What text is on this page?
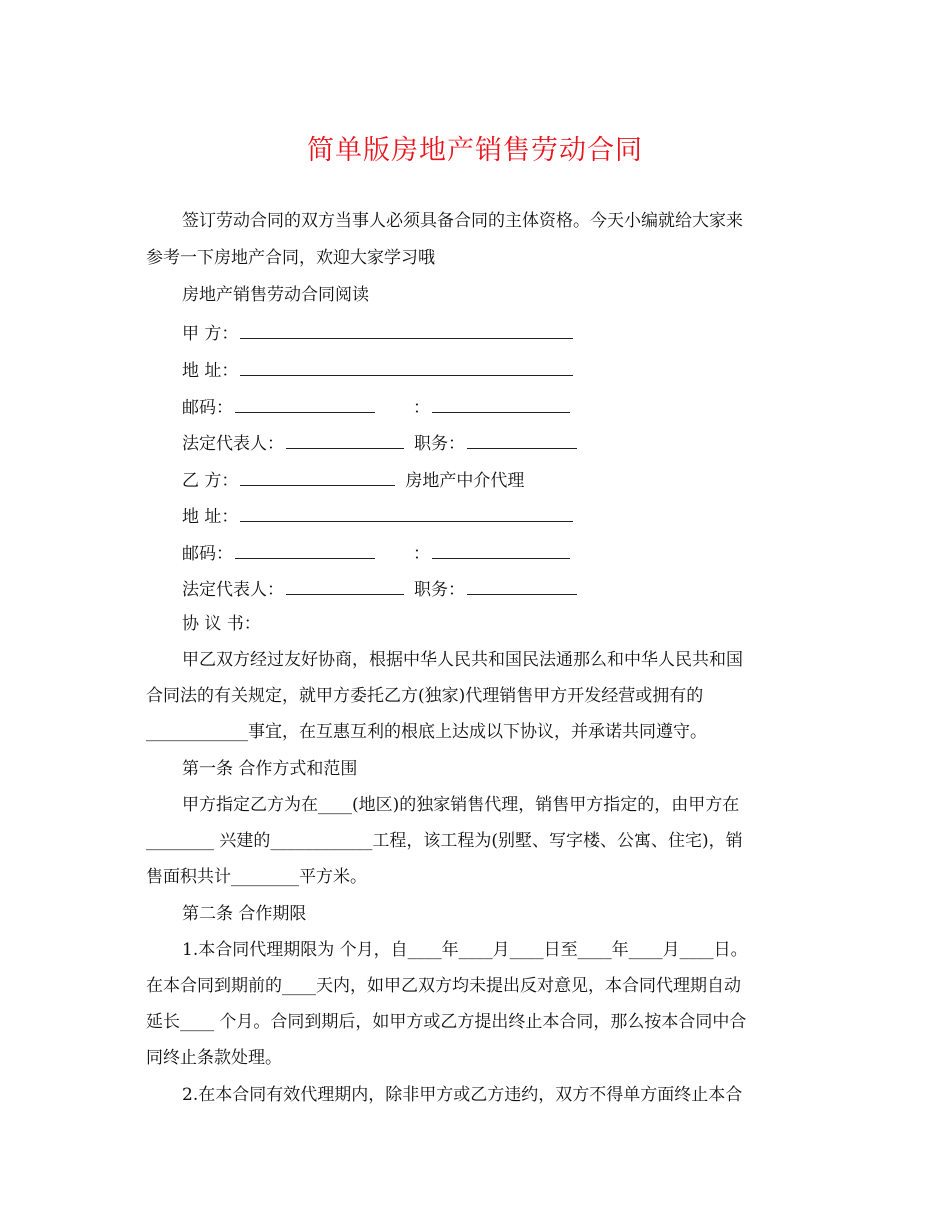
简单版房地产销售劳动合同
签订劳动合同的双方当事人必须具备合同的主体资格。今天小编就给大家来
参考一下房地产合同，欢迎大家学习哦
房地产销售劳动合同阅读
甲 方：
地 址：
邮码：	：
法定代表人：	职务：
乙 方：	房地产中介代理
地 址：
邮码：	：
法定代表人：	职务：
协 议 书：
甲乙双方经过友好协商，根据中华人民共和国民法通那么和中华人民共和国
合同法的有关规定，就甲方委托乙方(独家)代理销售甲方开发经营或拥有的
____________事宜，在互惠互利的根底上达成以下协议，并承诺共同遵守。
第一条 合作方式和范围
甲方指定乙方为在____(地区)的独家销售代理，销售甲方指定的，由甲方在
________ 兴建的____________工程，该工程为(别墅、写字楼、公寓、住宅)，销
售面积共计________平方米。
第二条 合作期限
1.本合同代理期限为 个月，自____年____月____日至____年____月____日。
在本合同到期前的____天内，如甲乙双方均未提出反对意见，本合同代理期自动
延长____ 个月。合同到期后，如甲方或乙方提出终止本合同，那么按本合同中合
同终止条款处理。
2.在本合同有效代理期内，除非甲方或乙方违约，双方不得单方面终止本合
